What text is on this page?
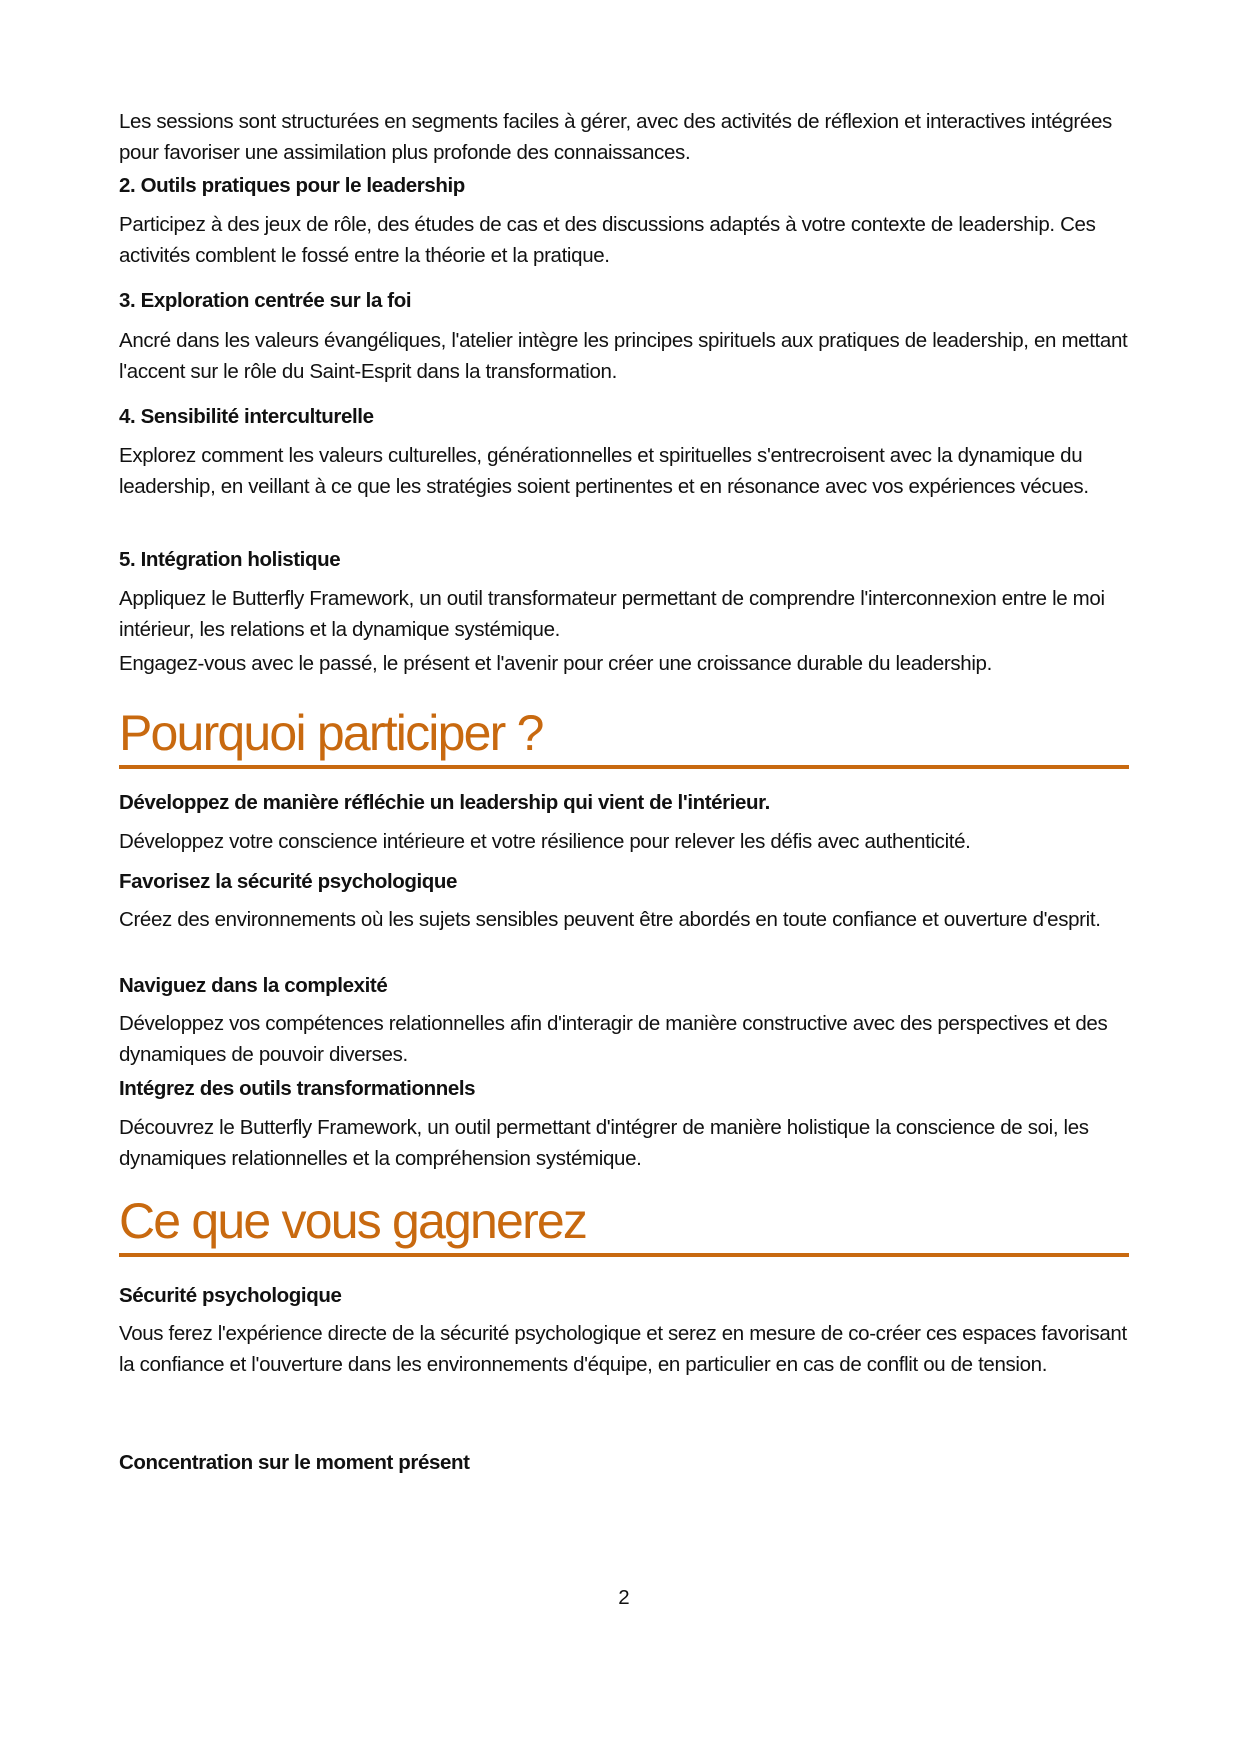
Les sessions sont structurées en segments faciles à gérer, avec des activités de réflexion et interactives intégrées pour favoriser une assimilation plus profonde des connaissances.

2. Outils pratiques pour le leadership

Participez à des jeux de rôle, des études de cas et des discussions adaptés à votre contexte de leadership. Ces activités comblent le fossé entre la théorie et la pratique.

3. Exploration centrée sur la foi

Ancré dans les valeurs évangéliques, l'atelier intègre les principes spirituels aux pratiques de leadership, en mettant l'accent sur le rôle du Saint-Esprit dans la transformation.

4. Sensibilité interculturelle

Explorez comment les valeurs culturelles, générationnelles et spirituelles s'entrecroisent avec la dynamique du leadership, en veillant à ce que les stratégies soient pertinentes et en résonance avec vos expériences vécues.

5. Intégration holistique

Appliquez le Butterfly Framework, un outil transformateur permettant de comprendre l'interconnexion entre le moi intérieur, les relations et la dynamique systémique.

Engagez-vous avec le passé, le présent et l'avenir pour créer une croissance durable du leadership.

Pourquoi participer ?
Développez de manière réfléchie un leadership qui vient de l'intérieur.

Développez votre conscience intérieure et votre résilience pour relever les défis avec authenticité.

Favorisez la sécurité psychologique

Créez des environnements où les sujets sensibles peuvent être abordés en toute confiance et ouverture d'esprit.

Naviguez dans la complexité

Développez vos compétences relationnelles afin d'interagir de manière constructive avec des perspectives et des dynamiques de pouvoir diverses.

Intégrez des outils transformationnels

Découvrez le Butterfly Framework, un outil permettant d'intégrer de manière holistique la conscience de soi, les dynamiques relationnelles et la compréhension systémique.

Ce que vous gagnerez
Sécurité psychologique

Vous ferez l'expérience directe de la sécurité psychologique et serez en mesure de co-créer ces espaces favorisant la confiance et l'ouverture dans les environnements d'équipe, en particulier en cas de conflit ou de tension.

Concentration sur le moment présent
2
